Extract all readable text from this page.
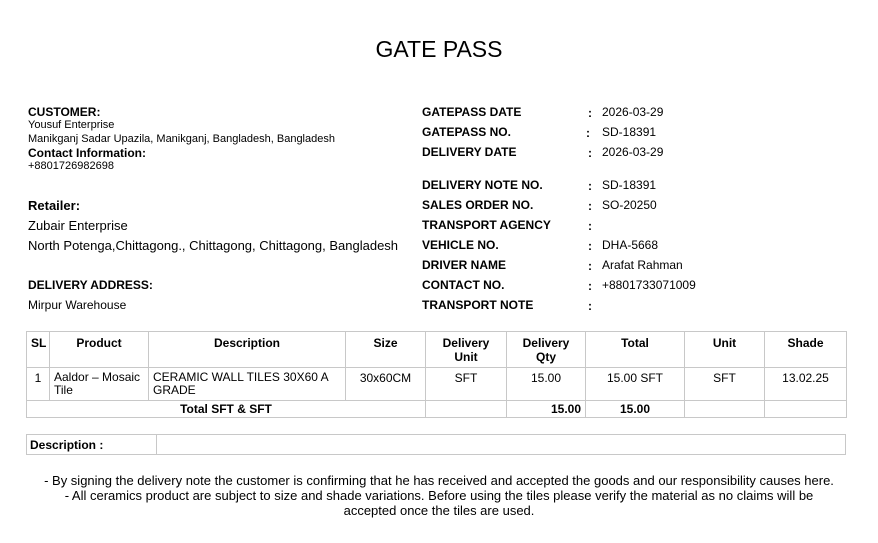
GATE PASS
CUSTOMER:
Yousuf Enterprise
Manikganj Sadar Upazila, Manikganj, Bangladesh, Bangladesh
Contact Information:
+8801726982698
Retailer:
Zubair Enterprise
North Potenga,Chittagong., Chittagong, Chittagong, Bangladesh
DELIVERY ADDRESS:
Mirpur Warehouse
GATEPASS DATE	: 2026-03-29
GATEPASS NO.	: SD-18391
DELIVERY DATE	: 2026-03-29
DELIVERY NOTE NO.	: SD-18391
SALES ORDER NO.	: SO-20250
TRANSPORT AGENCY	:
VEHICLE NO.	: DHA-5668
DRIVER NAME	: Arafat Rahman
CONTACT NO.	: +8801733071009
TRANSPORT NOTE	:
SL	Product	Description	Size	Delivery Unit	Delivery Qty	Total	Unit	Shade
1	Aaldor – Mosaic Tile	CERAMIC WALL TILES 30X60 A GRADE	30x60CM	SFT	15.00	15.00 SFT	SFT	13.02.25
Total SFT & SFT					15.00	15.00		
Description :	
- By signing the delivery note the customer is confirming that he has received and accepted the goods and our responsibility causes here.
- All ceramics product are subject to size and shade variations. Before using the tiles please verify the material as no claims will be accepted once the tiles are used.
